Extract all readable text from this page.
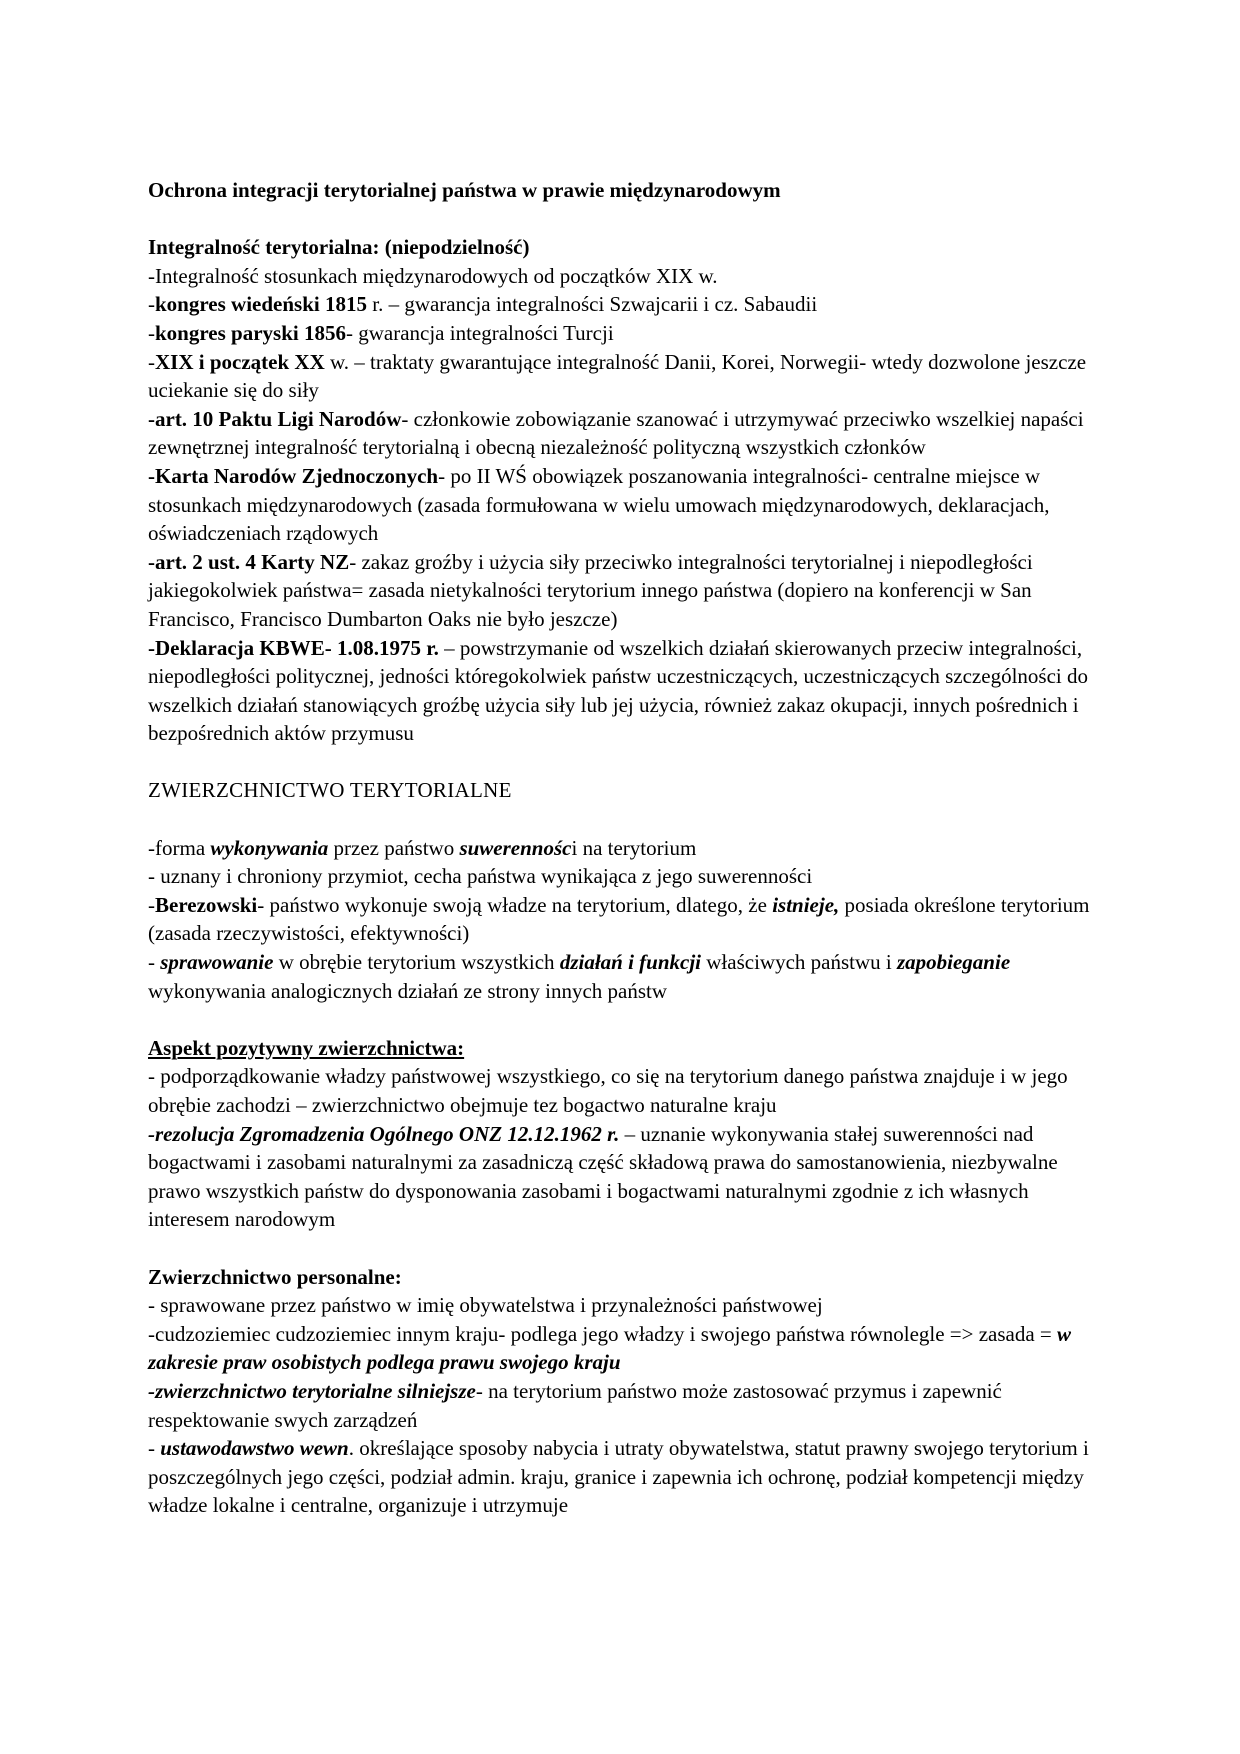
Ochrona integracji terytorialnej państwa w prawie międzynarodowym

Integralność terytorialna: (niepodzielność)

-Integralność stosunkach międzynarodowych od początków XIX w.

-kongres wiedeński 1815 r. – gwarancja integralności Szwajcarii i cz. Sabaudii

-kongres paryski 1856- gwarancja integralności Turcji

-XIX i początek XX w. – traktaty gwarantujące integralność Danii, Korei, Norwegii- wtedy dozwolone jeszcze uciekanie się do siły

-art. 10 Paktu Ligi Narodów- członkowie zobowiązanie szanować i utrzymywać przeciwko wszelkiej napaści zewnętrznej integralność terytorialną i obecną niezależność polityczną wszystkich członków

-Karta Narodów Zjednoczonych- po II WŚ obowiązek poszanowania integralności- centralne miejsce w stosunkach międzynarodowych (zasada formułowana w wielu umowach międzynarodowych, deklaracjach, oświadczeniach rządowych

-art. 2 ust. 4 Karty NZ- zakaz groźby i użycia siły przeciwko integralności terytorialnej i niepodległości jakiegokolwiek państwa= zasada nietykalności terytorium innego państwa (dopiero na konferencji w San Francisco, Francisco Dumbarton Oaks nie było jeszcze)

-Deklaracja KBWE- 1.08.1975 r. – powstrzymanie od wszelkich działań skierowanych przeciw integralności, niepodległości politycznej, jedności któregokolwiek państw uczestniczących, uczestniczących szczególności do wszelkich działań stanowiących groźbę użycia siły lub jej użycia, również zakaz okupacji, innych pośrednich i bezpośrednich aktów przymusu

ZWIERZCHNICTWO TERYTORIALNE

-forma wykonywania przez państwo suwerenności na terytorium

- uznany i chroniony przymiot, cecha państwa wynikająca z jego suwerenności

-Berezowski- państwo wykonuje swoją władze na terytorium, dlatego, że istnieje, posiada określone terytorium (zasada rzeczywistości, efektywności)

- sprawowanie w obrębie terytorium wszystkich działań i funkcji właściwych państwu i zapobieganie wykonywania analogicznych działań ze strony innych państw

Aspekt pozytywny zwierzchnictwa:

- podporządkowanie władzy państwowej wszystkiego, co się na terytorium danego państwa znajduje i w jego obrębie zachodzi – zwierzchnictwo obejmuje tez bogactwo naturalne kraju

-rezolucja Zgromadzenia Ogólnego ONZ 12.12.1962 r. – uznanie wykonywania stałej suwerenności nad bogactwami i zasobami naturalnymi za zasadniczą część składową prawa do samostanowienia, niezbywalne prawo wszystkich państw do dysponowania zasobami i bogactwami naturalnymi zgodnie z ich własnych interesem narodowym

Zwierzchnictwo personalne:

- sprawowane przez państwo w imię obywatelstwa i przynależności państwowej

-cudzoziemiec cudzoziemiec innym kraju- podlega jego władzy i swojego państwa równolegle => zasada = w zakresie praw osobistych podlega prawu swojego kraju

-zwierzchnictwo terytorialne silniejsze- na terytorium państwo może zastosować przymus i zapewnić respektowanie swych zarządzeń

- ustawodawstwo wewn. określające sposoby nabycia i utraty obywatelstwa, statut prawny swojego terytorium i poszczególnych jego części, podział admin. kraju, granice i zapewnia ich ochronę, podział kompetencji między władze lokalne i centralne, organizuje i utrzymuje
